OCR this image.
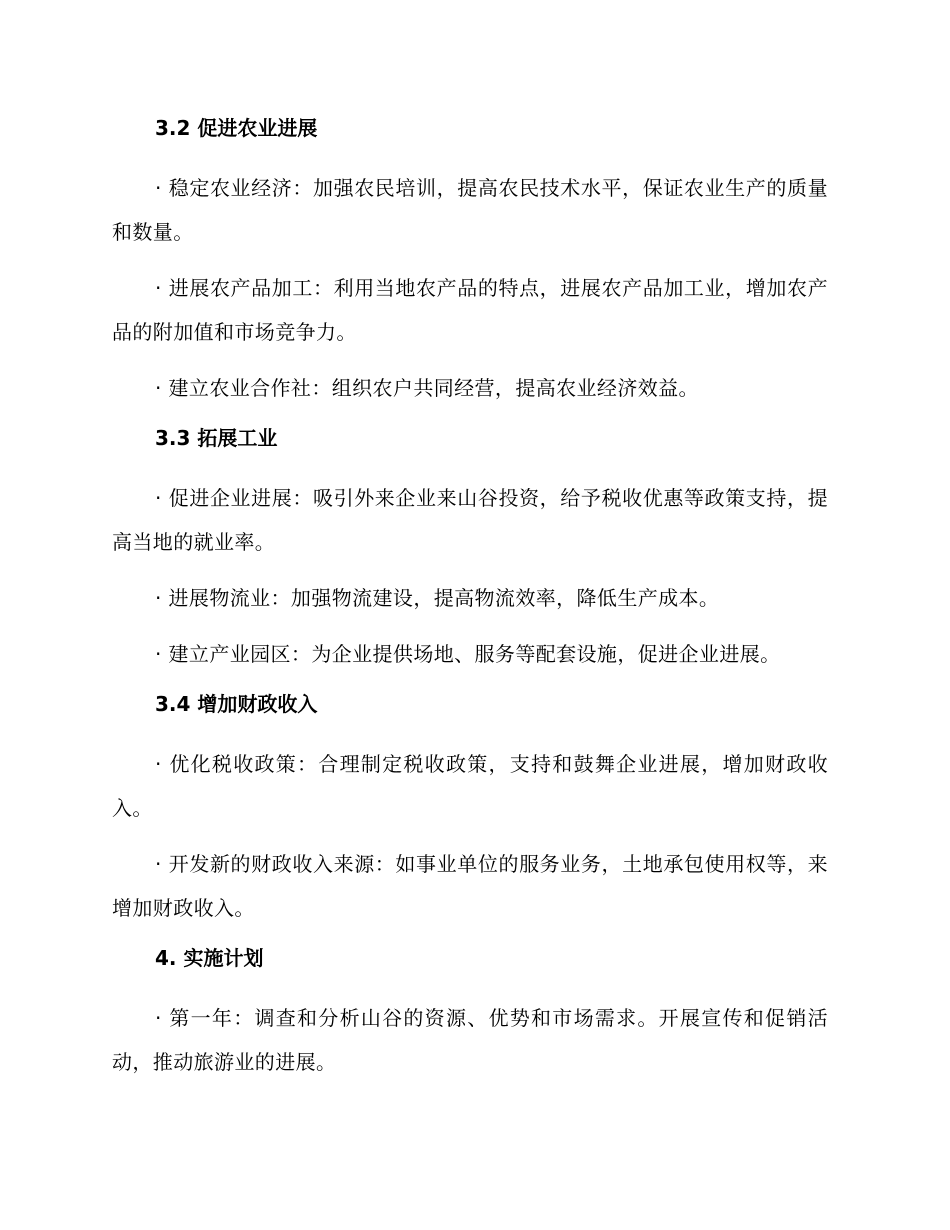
3.2 促进农业进展

· 稳定农业经济：加强农民培训，提高农民技术水平，保证农业生产的质量和数量。

· 进展农产品加工：利用当地农产品的特点，进展农产品加工业，增加农产品的附加值和市场竞争力。

· 建立农业合作社：组织农户共同经营，提高农业经济效益。

3.3 拓展工业

· 促进企业进展：吸引外来企业来山谷投资，给予税收优惠等政策支持，提高当地的就业率。

· 进展物流业：加强物流建设，提高物流效率，降低生产成本。

· 建立产业园区：为企业提供场地、服务等配套设施，促进企业进展。

3.4 增加财政收入

· 优化税收政策：合理制定税收政策，支持和鼓舞企业进展，增加财政收入。

· 开发新的财政收入来源：如事业单位的服务业务，土地承包使用权等，来增加财政收入。

4. 实施计划

· 第一年：调查和分析山谷的资源、优势和市场需求。开展宣传和促销活动，推动旅游业的进展。
